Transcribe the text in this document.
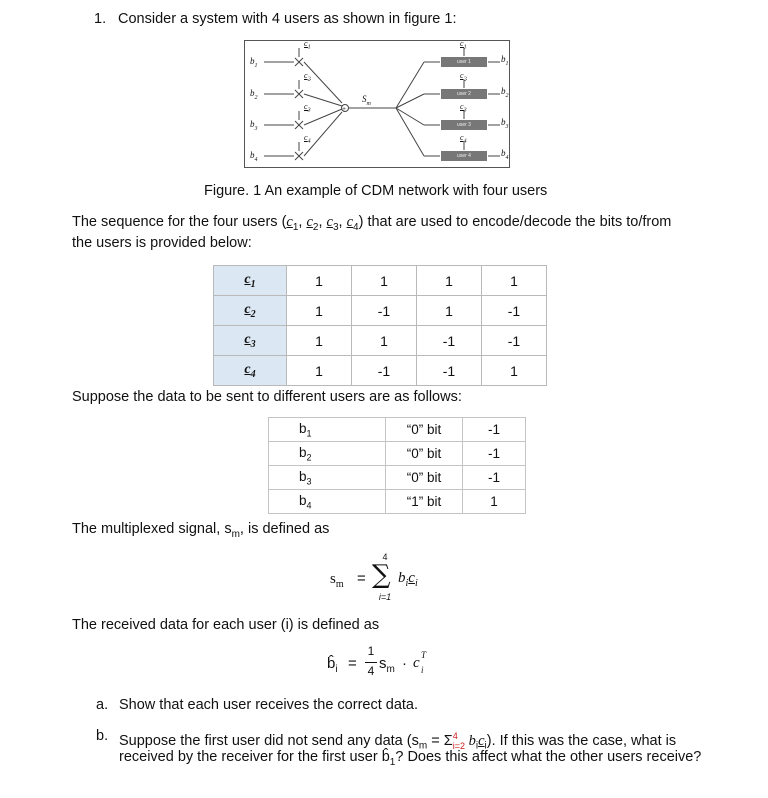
1. Consider a system with 4 users as shown in figure 1:
+
$b_1$
$b_2$
$b_3$
$b_4$
$c_1$
$c_2$
$c_3$
$c_4$
$S_m$
user 1
user 2
user 3
user 4
$c_1$
$c_2$
$c_3$
$c_4$
$b_1$
$b_2$
$b_3$
$b_4$
Figure. 1 An example of CDM network with four users
The sequence for the four users ($c_1$, $c_2$, $c_3$, $c_4$) that are used to encode/decode the bits to/from
the users is provided below:
$c_1$	1	1	1	1
$c_2$	1	-1	1	-1
$c_3$	1	1	-1	-1
$c_4$	1	-1	-1	1
Suppose the data to be sent to different users are as follows:
$b_1$	“0” bit	-1
$b_2$	“0” bit	-1
$b_3$	“0” bit	-1
$b_4$	“1” bit	1
The multiplexed signal, $s_m$, is defined as
$s_m$ =
4
∑
i=1
$b_ic_i$
The received data for each user (i) is defined as
$b̂_i$ =
1
4 $s_m \cdot c$ T
i
a. Show that each user receives the correct data.
b. Suppose the first user did not send any data ($s_m = \Sigma^4_{i=2}$ $b_ic_i$). If this was the case, what is
received by the receiver for the first user $b̂_1$? Does this affect what the other users receive?
